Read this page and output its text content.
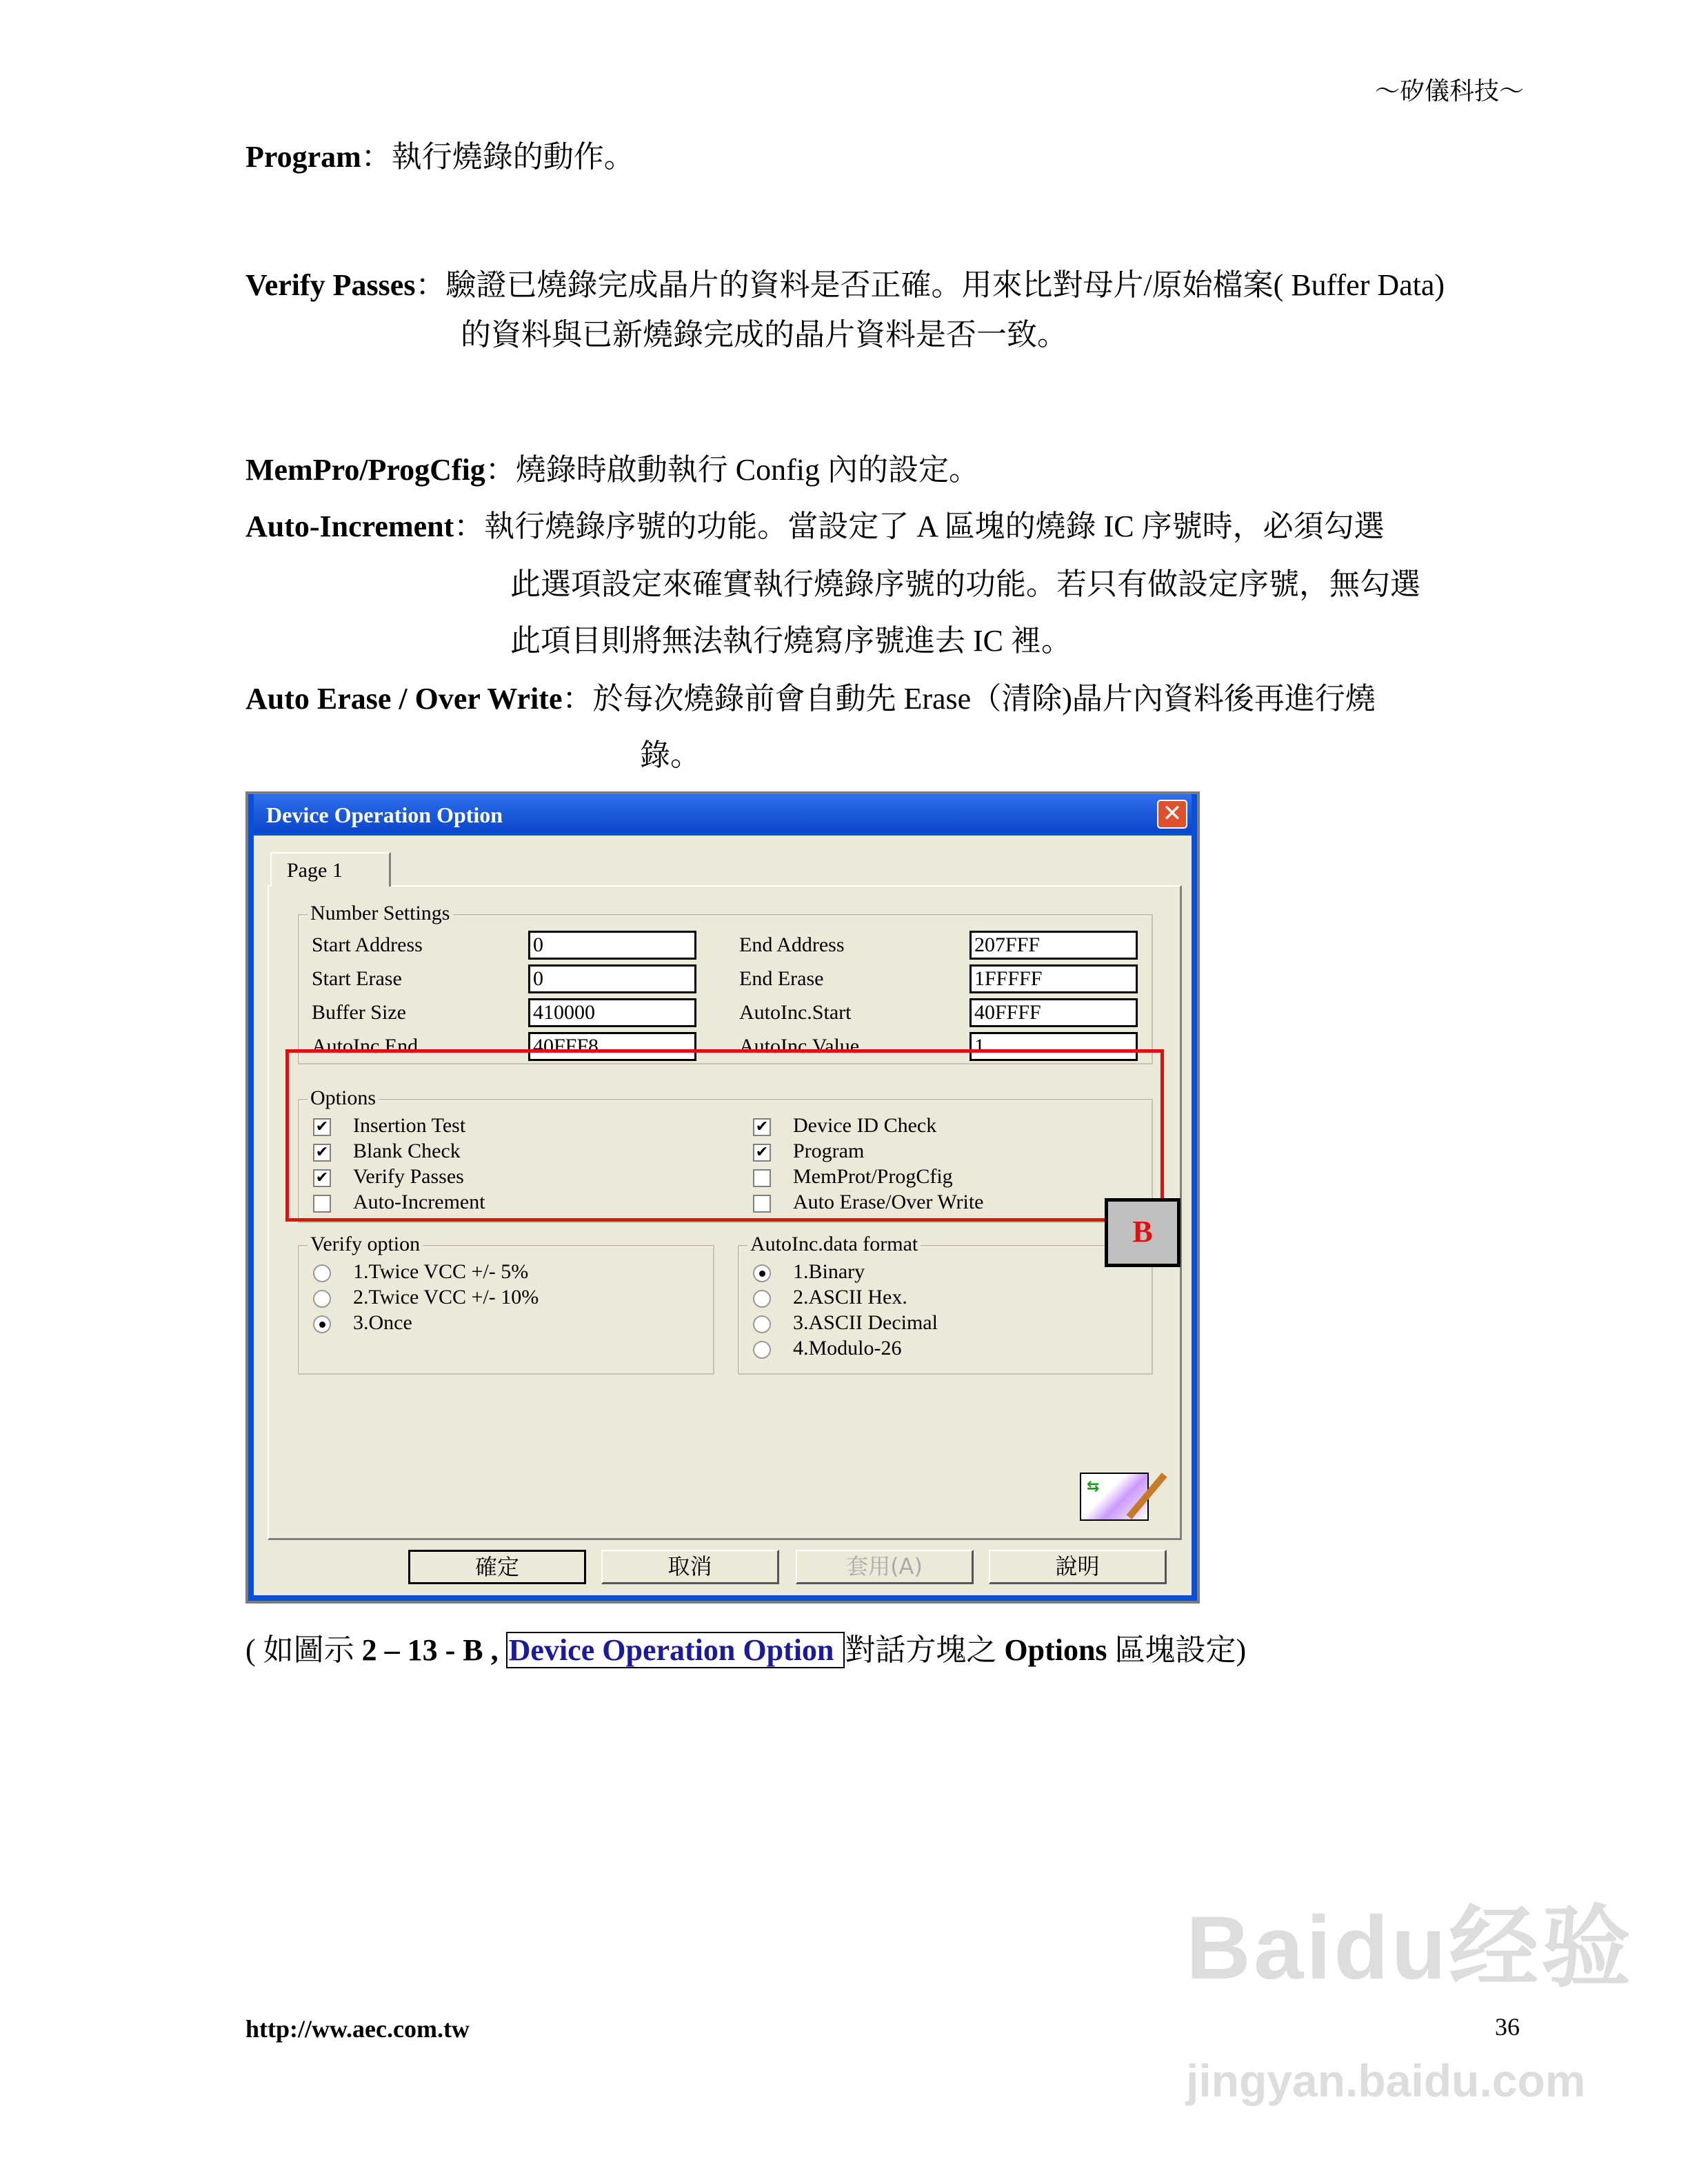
～矽儀科技～
Program：執行燒錄的動作。
Verify Passes：驗證已燒錄完成晶片的資料是否正確。用來比對母片/原始檔案( Buffer Data)
的資料與已新燒錄完成的晶片資料是否一致。
MemPro/ProgCfig：燒錄時啟動執行 Config 內的設定。
Auto-Increment：執行燒錄序號的功能。當設定了 A 區塊的燒錄 IC 序號時，必須勾選
此選項設定來確實執行燒錄序號的功能。若只有做設定序號，無勾選
此項目則將無法執行燒寫序號進去 IC 裡。
Auto Erase / Over Write：於每次燒錄前會自動先 Erase（清除)晶片內資料後再進行燒
錄。
Device Operation Option	✕
Page 1
Number Settings
Options
Verify option	AutoInc.data format
Start Address	0	End Address	207FFF
Start Erase	0	End Erase	1FFFFF
Buffer Size	410000	AutoInc.Start	40FFFF
AutoInc.End	40FFF8	AutoInc.Value	1
✔ Insertion Test	✔ Device ID Check
✔ Blank Check	✔ Program
✔ Verify Passes	MemProt/ProgCfig
Auto-Increment	Auto Erase/Over Write
1.Twice VCC +/- 5%
2.Twice VCC +/- 10%
3.Once
1.Binary
2.ASCII Hex.
3.ASCII Decimal
4.Modulo-26
⇆
確定	取消	套用(A)	說明
B
( 如圖示 2 – 13 - B , Device Operation Option 對話方塊之 Options 區塊設定)
http://ww.aec.com.tw	36
Baidu经验
jingyan.baidu.com
